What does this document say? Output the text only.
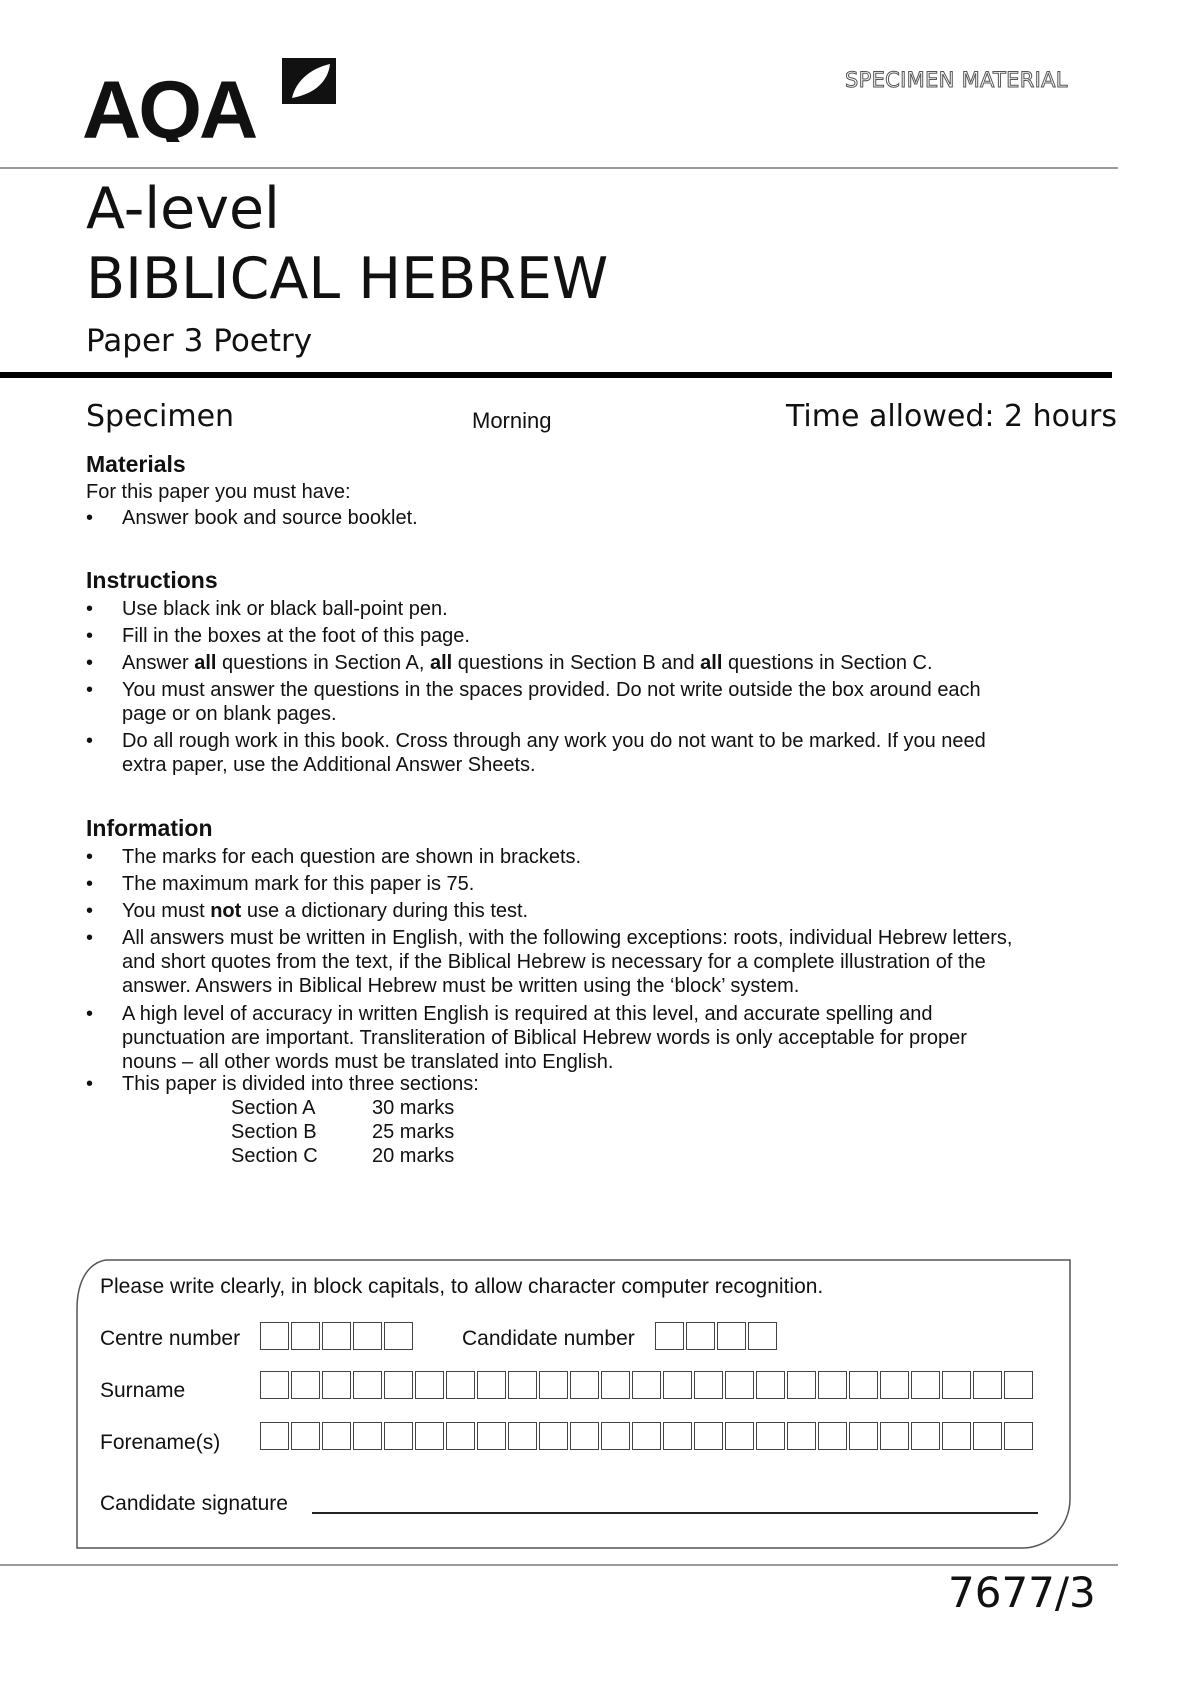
AQA	SPECIMEN MATERIAL
A-level
BIBLICAL HEBREW
Paper 3 Poetry
Specimen	Morning	Time allowed: 2 hours
Materials
For this paper you must have:
• Answer book and source booklet.
Instructions
• Use black ink or black ball-point pen.
• Fill in the boxes at the foot of this page.
• Answer all questions in Section A, all questions in Section B and all questions in Section C.
• You must answer the questions in the spaces provided. Do not write outside the box around each
page or on blank pages.
• Do all rough work in this book. Cross through any work you do not want to be marked. If you need
extra paper, use the Additional Answer Sheets.
Information
• The marks for each question are shown in brackets.
• The maximum mark for this paper is 75.
• You must not use a dictionary during this test.
• All answers must be written in English, with the following exceptions: roots, individual Hebrew letters,
and short quotes from the text, if the Biblical Hebrew is necessary for a complete illustration of the
answer. Answers in Biblical Hebrew must be written using the ‘block’ system.
• A high level of accuracy in written English is required at this level, and accurate spelling and
punctuation are important. Transliteration of Biblical Hebrew words is only acceptable for proper
nouns – all other words must be translated into English.
• This paper is divided into three sections:
Section A	30 marks
Section B	25 marks
Section C	20 marks
Please write clearly, in block capitals, to allow character computer recognition.
Centre number	Candidate number
Surname
Forename(s)
Candidate signature
7677/3
